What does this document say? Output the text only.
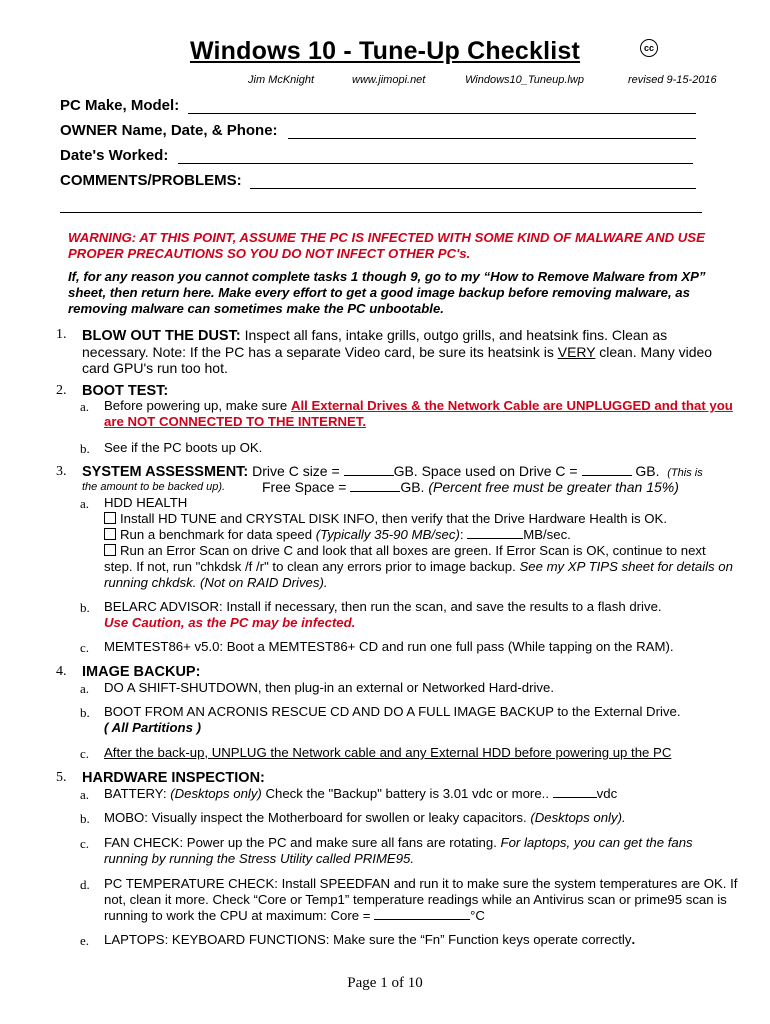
Windows 10 - Tune-Up Checklist	cc
Jim McKnight	www.jimopi.net	Windows10_Tuneup.lwp	revised 9-15-2016
PC Make, Model:
OWNER Name, Date, & Phone:
Date's Worked:
COMMENTS/PROBLEMS:
WARNING: AT THIS POINT, ASSUME THE PC IS INFECTED WITH SOME KIND OF MALWARE AND USE PROPER PRECAUTIONS SO YOU DO NOT INFECT OTHER PC's.
If, for any reason you cannot complete tasks 1 though 9, go to my “How to Remove Malware from XP” sheet, then return here. Make every effort to get a good image backup before removing malware, as removing malware can sometimes make the PC unbootable.
1. BLOW OUT THE DUST: Inspect all fans, intake grills, outgo grills, and heatsink fins. Clean as necessary. Note: If the PC has a separate Video card, be sure its heatsink is VERY clean. Many video card GPU's run too hot.
2. BOOT TEST:
a. Before powering up, make sure All External Drives & the Network Cable are UNPLUGGED and that you are NOT CONNECTED TO THE INTERNET.
b. See if the PC boots up OK.
3. SYSTEM ASSESSMENT: Drive C size =	GB. Space used on Drive C =	GB. (This is
the amount to be backed up).	Free Space =	GB. (Percent free must be greater than 15%)
a. HDD HEALTH
Install HD TUNE and CRYSTAL DISK INFO, then verify that the Drive Hardware Health is OK.
Run a benchmark for data speed (Typically 35-90 MB/sec):	MB/sec.
Run an Error Scan on drive C and look that all boxes are green. If Error Scan is OK, continue to next step. If not, run "chkdsk /f /r" to clean any errors prior to image backup. See my XP TIPS sheet for details on running chkdsk. (Not on RAID Drives).
b. BELARC ADVISOR: Install if necessary, then run the scan, and save the results to a flash drive.
Use Caution, as the PC may be infected.
c. MEMTEST86+ v5.0: Boot a MEMTEST86+ CD and run one full pass (While tapping on the RAM).
4. IMAGE BACKUP:
a. DO A SHIFT-SHUTDOWN, then plug-in an external or Networked Hard-drive.
b. BOOT FROM AN ACRONIS RESCUE CD AND DO A FULL IMAGE BACKUP to the External Drive.
( All Partitions )
c. After the back-up, UNPLUG the Network cable and any External HDD before powering up the PC
5. HARDWARE INSPECTION:
a. BATTERY: (Desktops only) Check the "Backup" battery is 3.01 vdc or more..	vdc
b. MOBO: Visually inspect the Motherboard for swollen or leaky capacitors. (Desktops only).
c. FAN CHECK: Power up the PC and make sure all fans are rotating. For laptops, you can get the fans running by running the Stress Utility called PRIME95.
d. PC TEMPERATURE CHECK: Install SPEEDFAN and run it to make sure the system temperatures are OK. If not, clean it more. Check “Core or Temp1” temperature readings while an Antivirus scan or prime95 scan is running to work the CPU at maximum: Core =	°C
e. LAPTOPS: KEYBOARD FUNCTIONS: Make sure the “Fn” Function keys operate correctly.
Page 1 of 10
